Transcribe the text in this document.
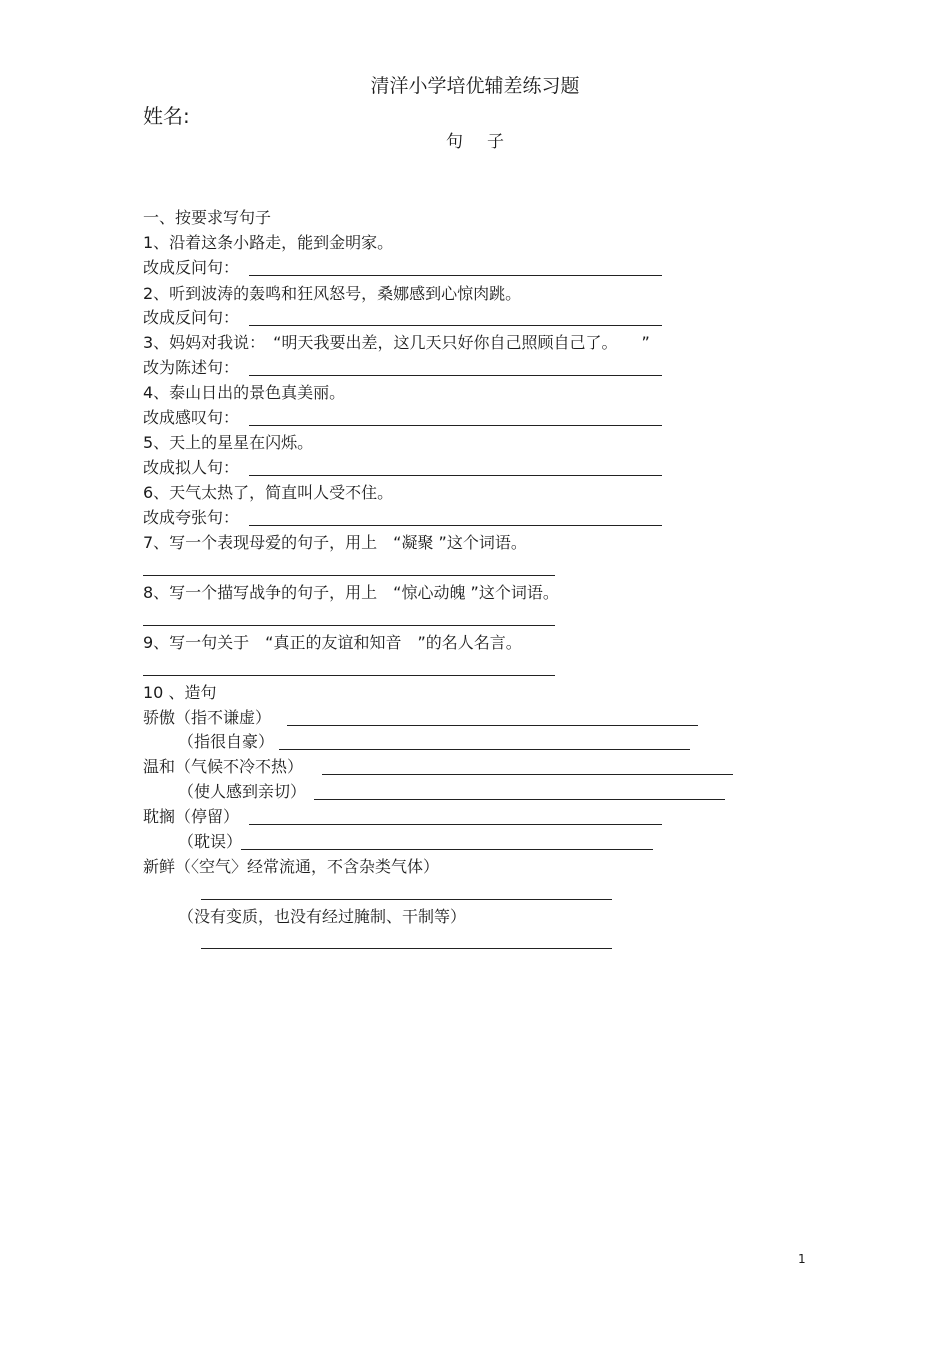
清洋小学培优辅差练习题
姓名:
句子
一、按要求写句子
1、沿着这条小路走，能到金明家。
改成反问句：
2、听到波涛的轰鸣和狂风怒号，桑娜感到心惊肉跳。
改成反问句：
3、妈妈对我说：　“明天我要出差，这几天只好你自己照顾自己了。　　”
改为陈述句：
4、泰山日出的景色真美丽。
改成感叹句：
5、天上的星星在闪烁。
改成拟人句：
6、天气太热了，简直叫人受不住。
改成夸张句：
7、写一个表现母爱的句子，用上　“凝聚 ”这个词语。
8、写一个描写战争的句子，用上　“惊心动魄 ”这个词语。
9、写一句关于　“真正的友谊和知音　”的名人名言。
10 、造句
骄傲（指不谦虚）
（指很自豪）
温和（气候不冷不热）
（使人感到亲切）
耽搁（停留）
（耽误）
新鲜（〈空气〉经常流通，不含杂类气体）
（没有变质，也没有经过腌制、干制等）
1
